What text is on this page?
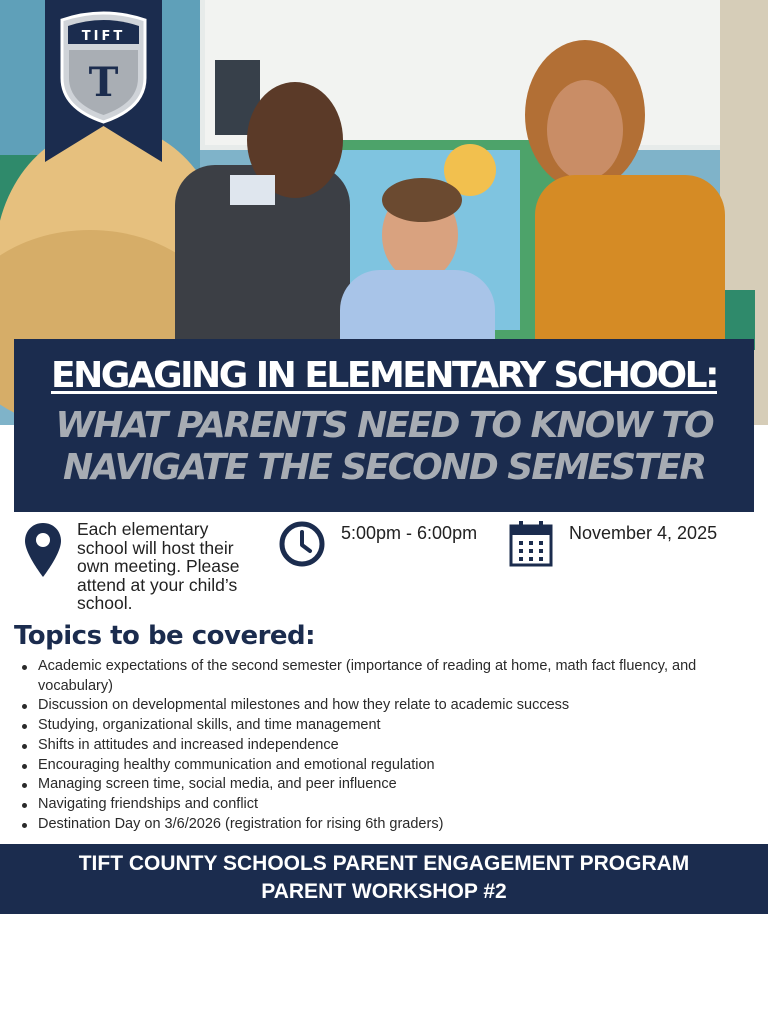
TIFT
T
ENGAGING IN ELEMENTARY SCHOOL:
WHAT PARENTS NEED TO KNOW TO
NAVIGATE THE SECOND SEMESTER
Each elementary
school will host their
own meeting. Please
attend at your child’s
school.
5:00pm - 6:00pm	November 4, 2025
Topics to be covered:
Academic expectations of the second semester (importance of reading at home, math fact fluency, and vocabulary)
Discussion on developmental milestones and how they relate to academic success
Studying, organizational skills, and time management
Shifts in attitudes and increased independence
Encouraging healthy communication and emotional regulation
Managing screen time, social media, and peer influence
Navigating friendships and conflict
Destination Day on 3/6/2026 (registration for rising 6th graders)
TIFT COUNTY SCHOOLS PARENT ENGAGEMENT PROGRAM
PARENT WORKSHOP #2
